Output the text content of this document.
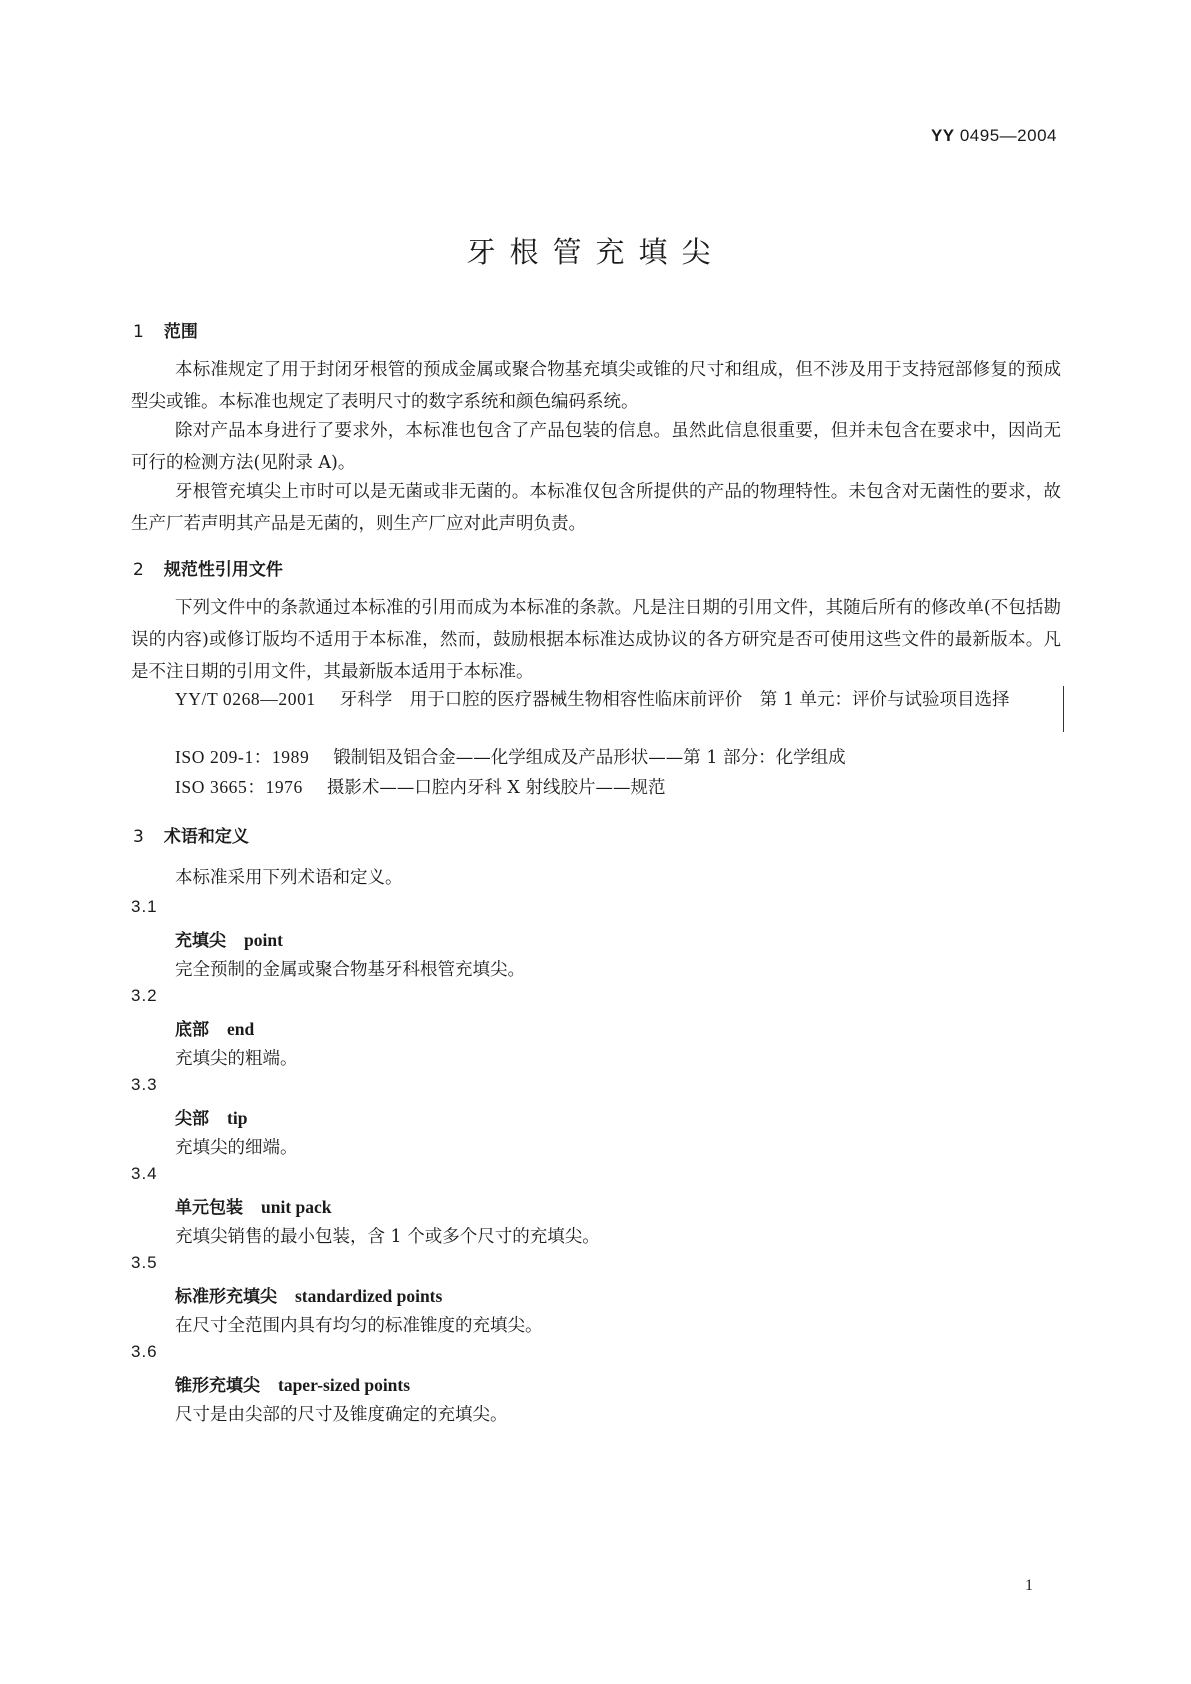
YY 0495—2004
牙根管充填尖
1 范围
本标准规定了用于封闭牙根管的预成金属或聚合物基充填尖或锥的尺寸和组成，但不涉及用于支持冠部修复的预成型尖或锥。本标准也规定了表明尺寸的数字系统和颜色编码系统。
除对产品本身进行了要求外，本标准也包含了产品包装的信息。虽然此信息很重要，但并未包含在要求中，因尚无可行的检测方法(见附录 A)。
牙根管充填尖上市时可以是无菌或非无菌的。本标准仅包含所提供的产品的物理特性。未包含对无菌性的要求，故生产厂若声明其产品是无菌的，则生产厂应对此声明负责。
2 规范性引用文件
下列文件中的条款通过本标准的引用而成为本标准的条款。凡是注日期的引用文件，其随后所有的修改单(不包括勘误的内容)或修订版均不适用于本标准，然而，鼓励根据本标准达成协议的各方研究是否可使用这些文件的最新版本。凡是不注日期的引用文件，其最新版本适用于本标准。
YY/T 0268—2001 牙科学　用于口腔的医疗器械生物相容性临床前评价　第 1 单元：评价与试验项目选择
ISO 209-1：1989 锻制铝及铝合金——化学组成及产品形状——第 1 部分：化学组成
ISO 3665：1976 摄影术——口腔内牙科 X 射线胶片——规范
3 术语和定义
本标准采用下列术语和定义。
3.1
充填尖 point
完全预制的金属或聚合物基牙科根管充填尖。
3.2
底部 end
充填尖的粗端。
3.3
尖部 tip
充填尖的细端。
3.4
单元包装 unit pack
充填尖销售的最小包装，含 1 个或多个尺寸的充填尖。
3.5
标准形充填尖 standardized points
在尺寸全范围内具有均匀的标准锥度的充填尖。
3.6
锥形充填尖 taper-sized points
尺寸是由尖部的尺寸及锥度确定的充填尖。
1
